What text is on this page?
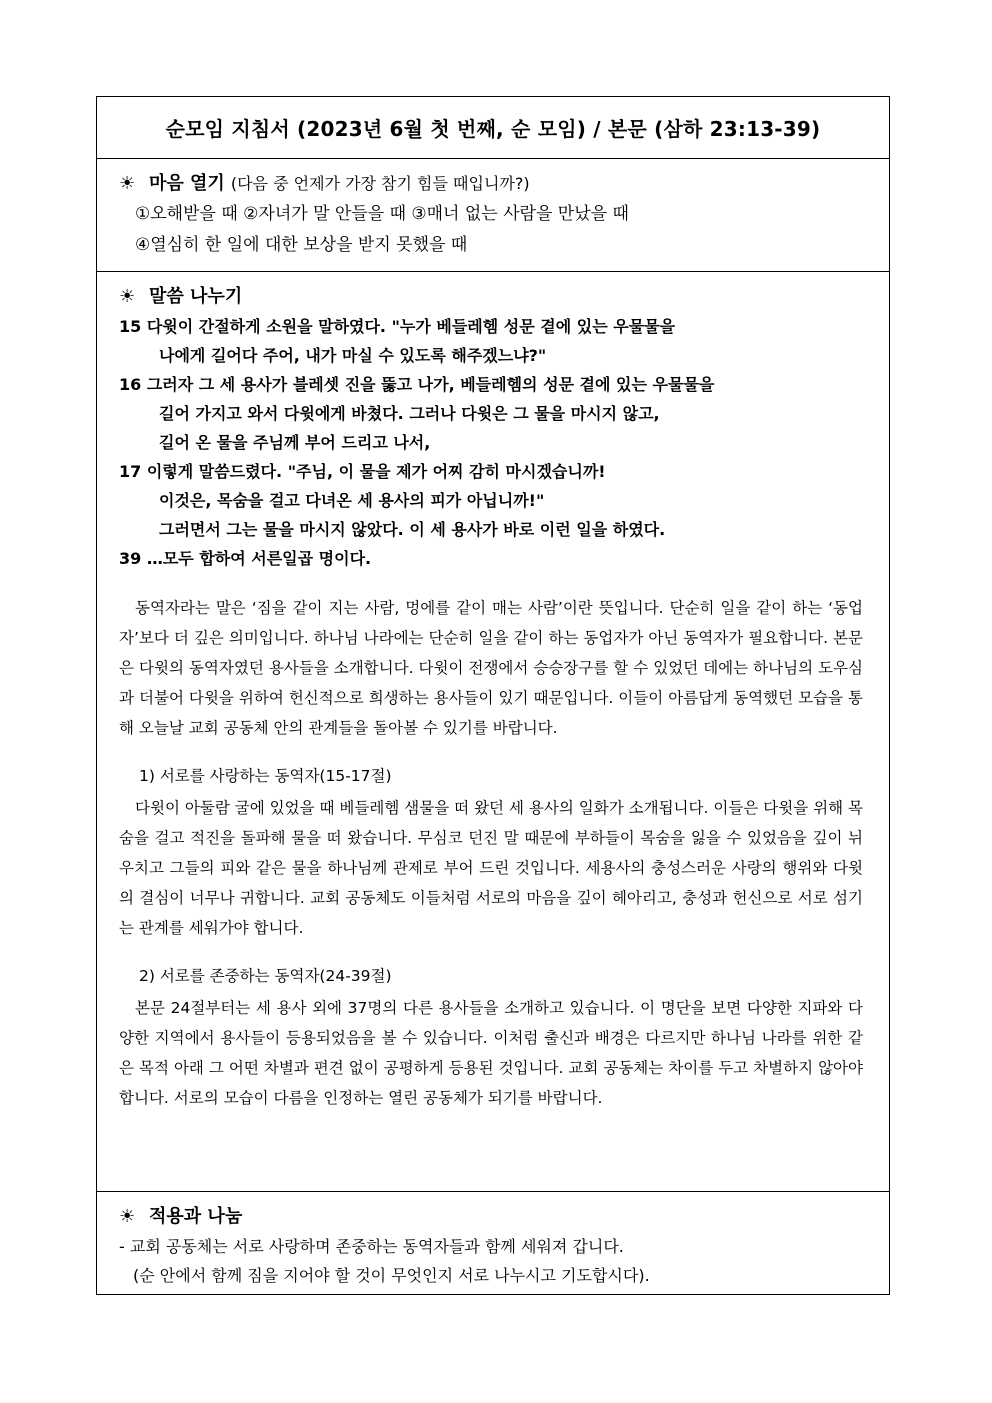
순모임 지침서 (2023년 6월 첫 번째, 순 모임) / 본문 (삼하 23:13-39)
☀ 마음 열기 (다음 중 언제가 가장 참기 힘들 때입니까?)
①오해받을 때 ②자녀가 말 안들을 때 ③매너 없는 사람을 만났을 때
④열심히 한 일에 대한 보상을 받지 못했을 때
☀ 말씀 나누기

15 다윗이 간절하게 소원을 말하였다. "누가 베들레헴 성문 곁에 있는 우물물을
나에게 길어다 주어, 내가 마실 수 있도록 해주겠느냐?"

16 그러자 그 세 용사가 블레셋 진을 뚫고 나가, 베들레헴의 성문 곁에 있는 우물물을
길어 가지고 와서 다윗에게 바쳤다. 그러나 다윗은 그 물을 마시지 않고,
길어 온 물을 주님께 부어 드리고 나서,

17 이렇게 말씀드렸다. "주님, 이 물을 제가 어찌 감히 마시겠습니까!
이것은, 목숨을 걸고 다녀온 세 용사의 피가 아닙니까!"
그러면서 그는 물을 마시지 않았다. 이 세 용사가 바로 이런 일을 하였다.

39 …모두 합하여 서른일곱 명이다.

동역자라는 말은 ‘짐을 같이 지는 사람, 멍에를 같이 매는 사람’이란 뜻입니다. 단순히 일을 같이 하는 ‘동업자’보다 더 깊은 의미입니다. 하나님 나라에는 단순히 일을 같이 하는 동업자가 아닌 동역자가 필요합니다. 본문은 다윗의 동역자였던 용사들을 소개합니다. 다윗이 전쟁에서 승승장구를 할 수 있었던 데에는 하나님의 도우심과 더불어 다윗을 위하여 헌신적으로 희생하는 용사들이 있기 때문입니다. 이들이 아름답게 동역했던 모습을 통해 오늘날 교회 공동체 안의 관계들을 돌아볼 수 있기를 바랍니다.

1) 서로를 사랑하는 동역자(15-17절)

다윗이 아둘람 굴에 있었을 때 베들레헴 샘물을 떠 왔던 세 용사의 일화가 소개됩니다. 이들은 다윗을 위해 목숨을 걸고 적진을 돌파해 물을 떠 왔습니다. 무심코 던진 말 때문에 부하들이 목숨을 잃을 수 있었음을 깊이 뉘우치고 그들의 피와 같은 물을 하나님께 관제로 부어 드린 것입니다. 세용사의 충성스러운 사랑의 행위와 다윗의 결심이 너무나 귀합니다. 교회 공동체도 이들처럼 서로의 마음을 깊이 헤아리고, 충성과 헌신으로 서로 섬기는 관계를 세워가야 합니다.

2) 서로를 존중하는 동역자(24-39절)

본문 24절부터는 세 용사 외에 37명의 다른 용사들을 소개하고 있습니다. 이 명단을 보면 다양한 지파와 다양한 지역에서 용사들이 등용되었음을 볼 수 있습니다. 이처럼 출신과 배경은 다르지만 하나님 나라를 위한 같은 목적 아래 그 어떤 차별과 편견 없이 공평하게 등용된 것입니다. 교회 공동체는 차이를 두고 차별하지 않아야 합니다. 서로의 모습이 다름을 인정하는 열린 공동체가 되기를 바랍니다.

☀ 적용과 나눔
- 교회 공동체는 서로 사랑하며 존중하는 동역자들과 함께 세워져 갑니다.
(순 안에서 함께 짐을 지어야 할 것이 무엇인지 서로 나누시고 기도합시다).
